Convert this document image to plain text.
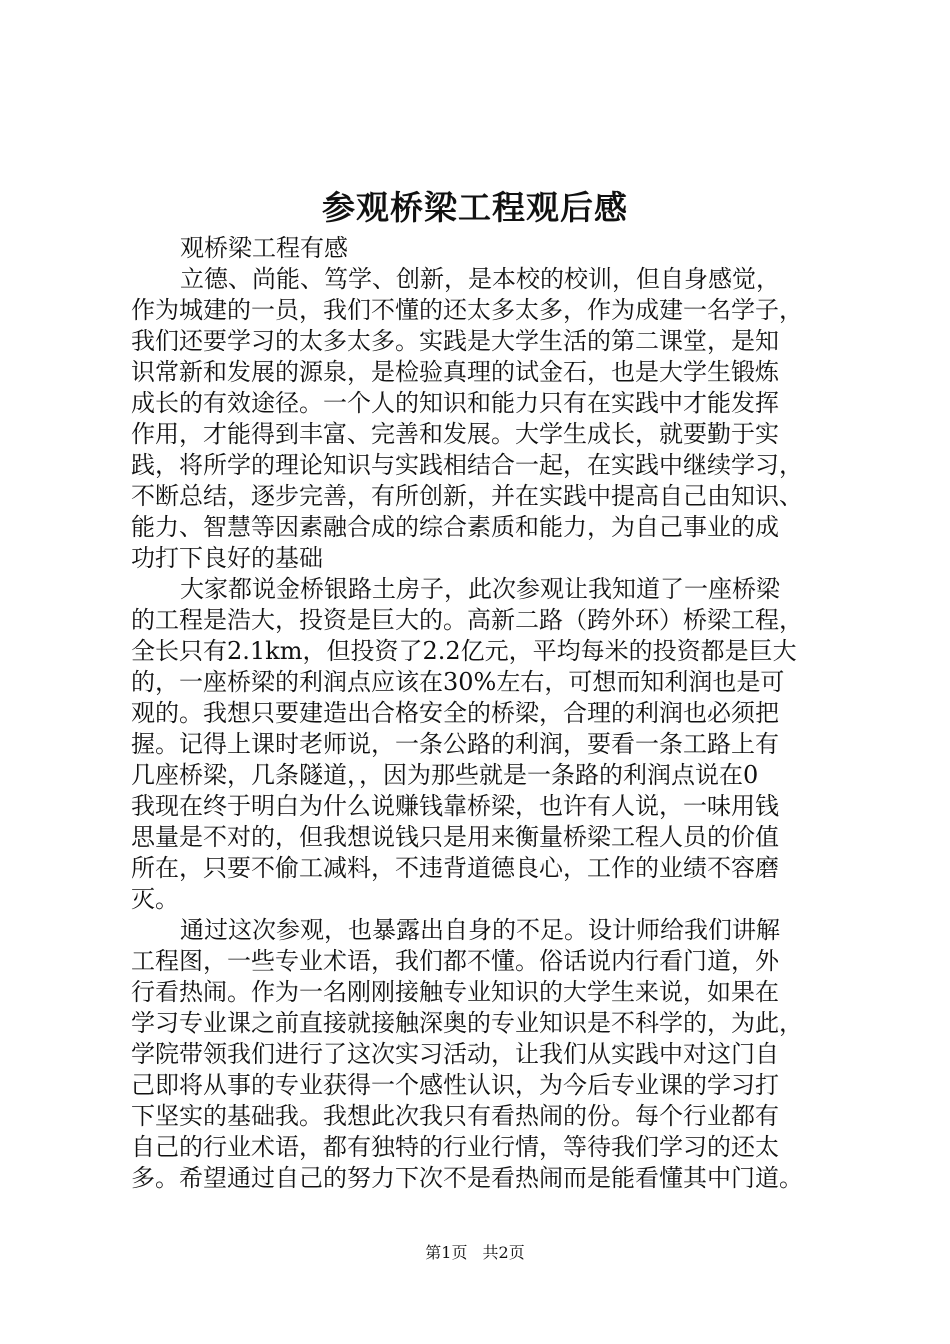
参观桥梁工程观后感
观桥梁工程有感
立德、尚能、笃学、创新，是本校的校训，但自身感觉，
作为城建的一员，我们不懂的还太多太多，作为成建一名学子，
我们还要学习的太多太多。实践是大学生活的第二课堂，是知
识常新和发展的源泉，是检验真理的试金石，也是大学生锻炼
成长的有效途径。一个人的知识和能力只有在实践中才能发挥
作用，才能得到丰富、完善和发展。大学生成长，就要勤于实
践，将所学的理论知识与实践相结合一起，在实践中继续学习，
不断总结，逐步完善，有所创新，并在实践中提高自己由知识、
能力、智慧等因素融合成的综合素质和能力，为自己事业的成
功打下良好的基础
大家都说金桥银路土房子，此次参观让我知道了一座桥梁
的工程是浩大，投资是巨大的。高新二路（跨外环）桥梁工程，
全长只有2.1km，但投资了2.2亿元，平均每米的投资都是巨大
的，一座桥梁的利润点应该在30%左右，可想而知利润也是可
观的。我想只要建造出合格安全的桥梁，合理的利润也必须把
握。记得上课时老师说，一条公路的利润，要看一条工路上有
几座桥梁，几条隧道，，因为那些就是一条路的利润点说在0
我现在终于明白为什么说赚钱靠桥梁，也许有人说，一味用钱
思量是不对的，但我想说钱只是用来衡量桥梁工程人员的价值
所在，只要不偷工减料，不违背道德良心，工作的业绩不容磨
灭。
通过这次参观，也暴露出自身的不足。设计师给我们讲解
工程图，一些专业术语，我们都不懂。俗话说内行看门道，外
行看热闹。作为一名刚刚接触专业知识的大学生来说，如果在
学习专业课之前直接就接触深奥的专业知识是不科学的，为此，
学院带领我们进行了这次实习活动，让我们从实践中对这门自
己即将从事的专业获得一个感性认识，为今后专业课的学习打
下坚实的基础我。我想此次我只有看热闹的份。每个行业都有
自己的行业术语，都有独特的行业行情，等待我们学习的还太
多。希望通过自己的努力下次不是看热闹而是能看懂其中门道。
第1页 共2页
